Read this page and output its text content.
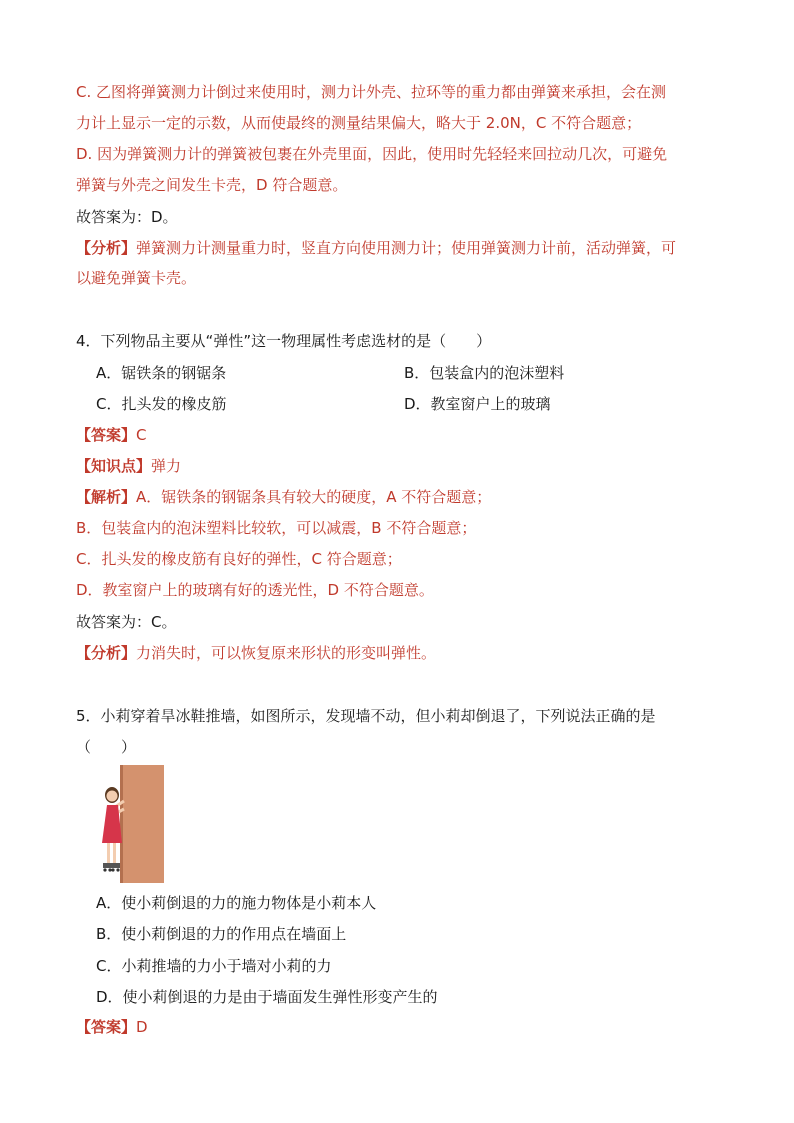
C. 乙图将弹簧测力计倒过来使用时，测力计外壳、拉环等的重力都由弹簧来承担，会在测
力计上显示一定的示数，从而使最终的测量结果偏大，略大于 2.0N，C 不符合题意；
D. 因为弹簧测力计的弹簧被包裹在外壳里面，因此，使用时先轻轻来回拉动几次，可避免
弹簧与外壳之间发生卡壳，D 符合题意。
故答案为：D。
【分析】弹簧测力计测量重力时，竖直方向使用测力计；使用弹簧测力计前，活动弹簧，可
以避免弹簧卡壳。
4．下列物品主要从“弹性”这一物理属性考虑选材的是（　　）
A．锯铁条的钢锯条	B．包装盒内的泡沫塑料
C．扎头发的橡皮筋	D．教室窗户上的玻璃
【答案】C
【知识点】弹力
【解析】A．锯铁条的钢锯条具有较大的硬度，A 不符合题意；
B．包装盒内的泡沫塑料比较软，可以减震，B 不符合题意；
C．扎头发的橡皮筋有良好的弹性，C 符合题意；
D．教室窗户上的玻璃有好的透光性，D 不符合题意。
故答案为：C。
【分析】力消失时，可以恢复原来形状的形变叫弹性。
5．小莉穿着旱冰鞋推墙，如图所示，发现墙不动，但小莉却倒退了，下列说法正确的是
（　　）
A．使小莉倒退的力的施力物体是小莉本人
B．使小莉倒退的力的作用点在墙面上
C．小莉推墙的力小于墙对小莉的力
D．使小莉倒退的力是由于墙面发生弹性形变产生的
【答案】D
